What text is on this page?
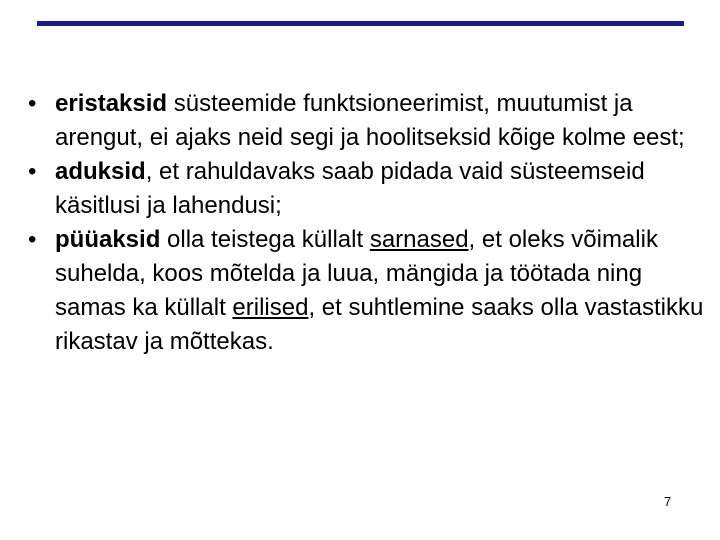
• eristaksid süsteemide funktsioneerimist, muutumist ja arengut, ei ajaks neid segi ja hoolitseksid kõige kolme eest;
• aduksid, et rahuldavaks saab pidada vaid süsteemseid käsitlusi ja lahendusi;
• püüaksid olla teistega küllalt sarnased, et oleks võimalik suhelda, koos mõtelda ja luua, mängida ja töötada ning samas ka küllalt erilised, et suhtlemine saaks olla vastastikku rikastav ja mõttekas.
7
